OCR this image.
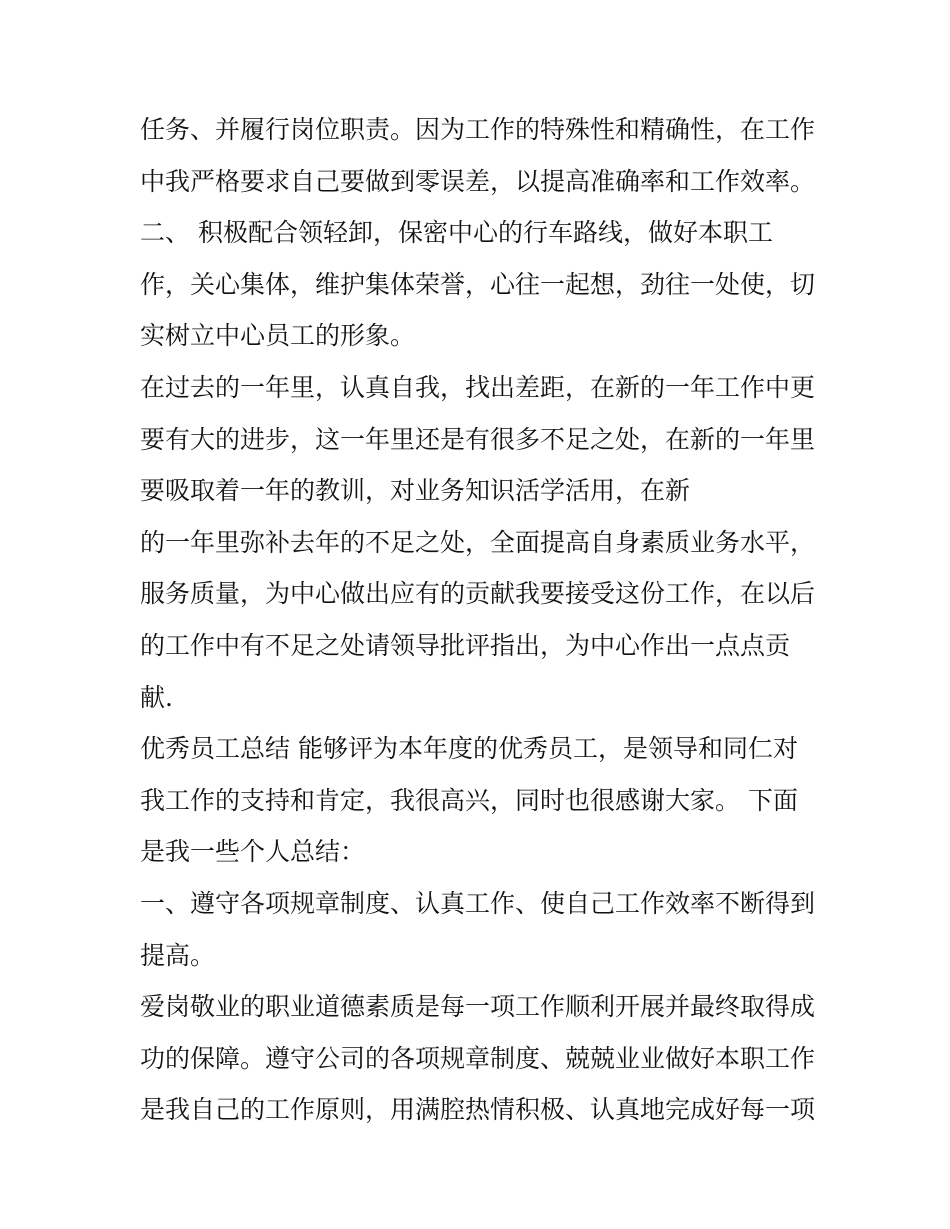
任务、并履行岗位职责。因为工作的特殊性和精确性，在工作
中我严格要求自己要做到零误差，以提高准确率和工作效率。
二、 积极配合领轻卸，保密中心的行车路线，做好本职工
作，关心集体，维护集体荣誉，心往一起想，劲往一处使，切
实树立中心员工的形象。
在过去的一年里，认真自我，找出差距，在新的一年工作中更
要有大的进步，这一年里还是有很多不足之处，在新的一年里
要吸取着一年的教训，对业务知识活学活用，在新
的一年里弥补去年的不足之处，全面提高自身素质业务水平，
服务质量，为中心做出应有的贡献我要接受这份工作，在以后
的工作中有不足之处请领导批评指出，为中心作出一点点贡
献.
优秀员工总结 能够评为本年度的优秀员工，是领导和同仁对
我工作的支持和肯定，我很高兴，同时也很感谢大家。 下面
是我一些个人总结：
一、遵守各项规章制度、认真工作、使自己工作效率不断得到
提高。
爱岗敬业的职业道德素质是每一项工作顺利开展并最终取得成
功的保障。遵守公司的各项规章制度、兢兢业业做好本职工作
是我自己的工作原则，用满腔热情积极、认真地完成好每一项
